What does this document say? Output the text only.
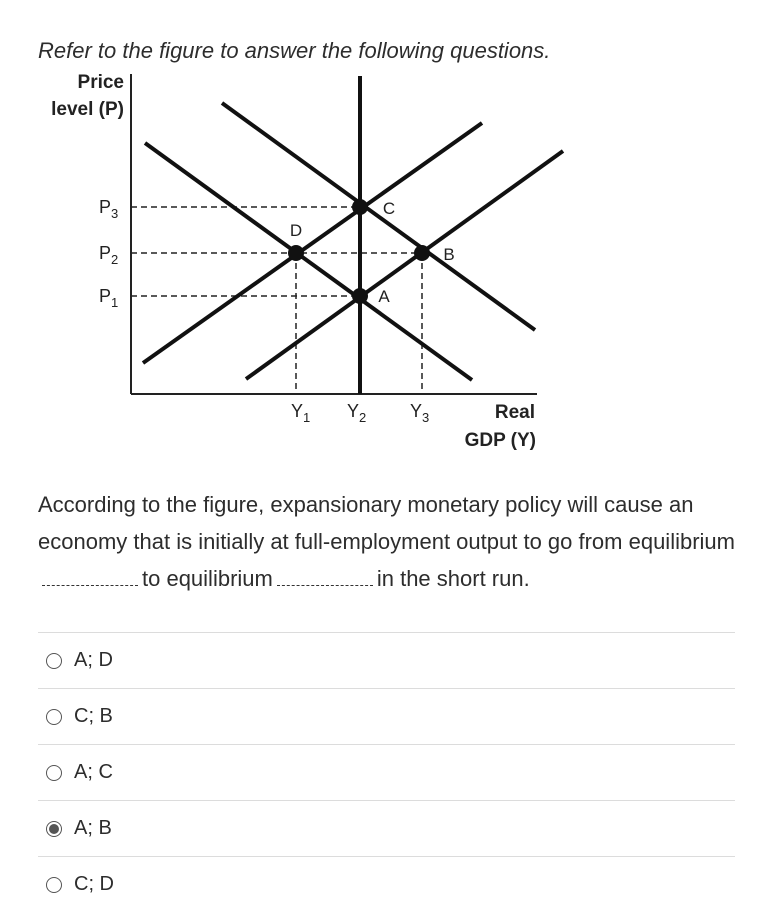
Refer to the figure to answer the following questions.

Price
level (P)
Real
GDP (Y)
C
D
B
A
$P_3$
$P_2$
$P_1$
$Y_1$ $Y_2$ $Y_3$

According to the figure, expansionary monetary policy will cause an economy that is initially at full-employment output to go from equilibriumto equilibrium	in the short run.

A; D
C; B
A; C
A; B
C; D
